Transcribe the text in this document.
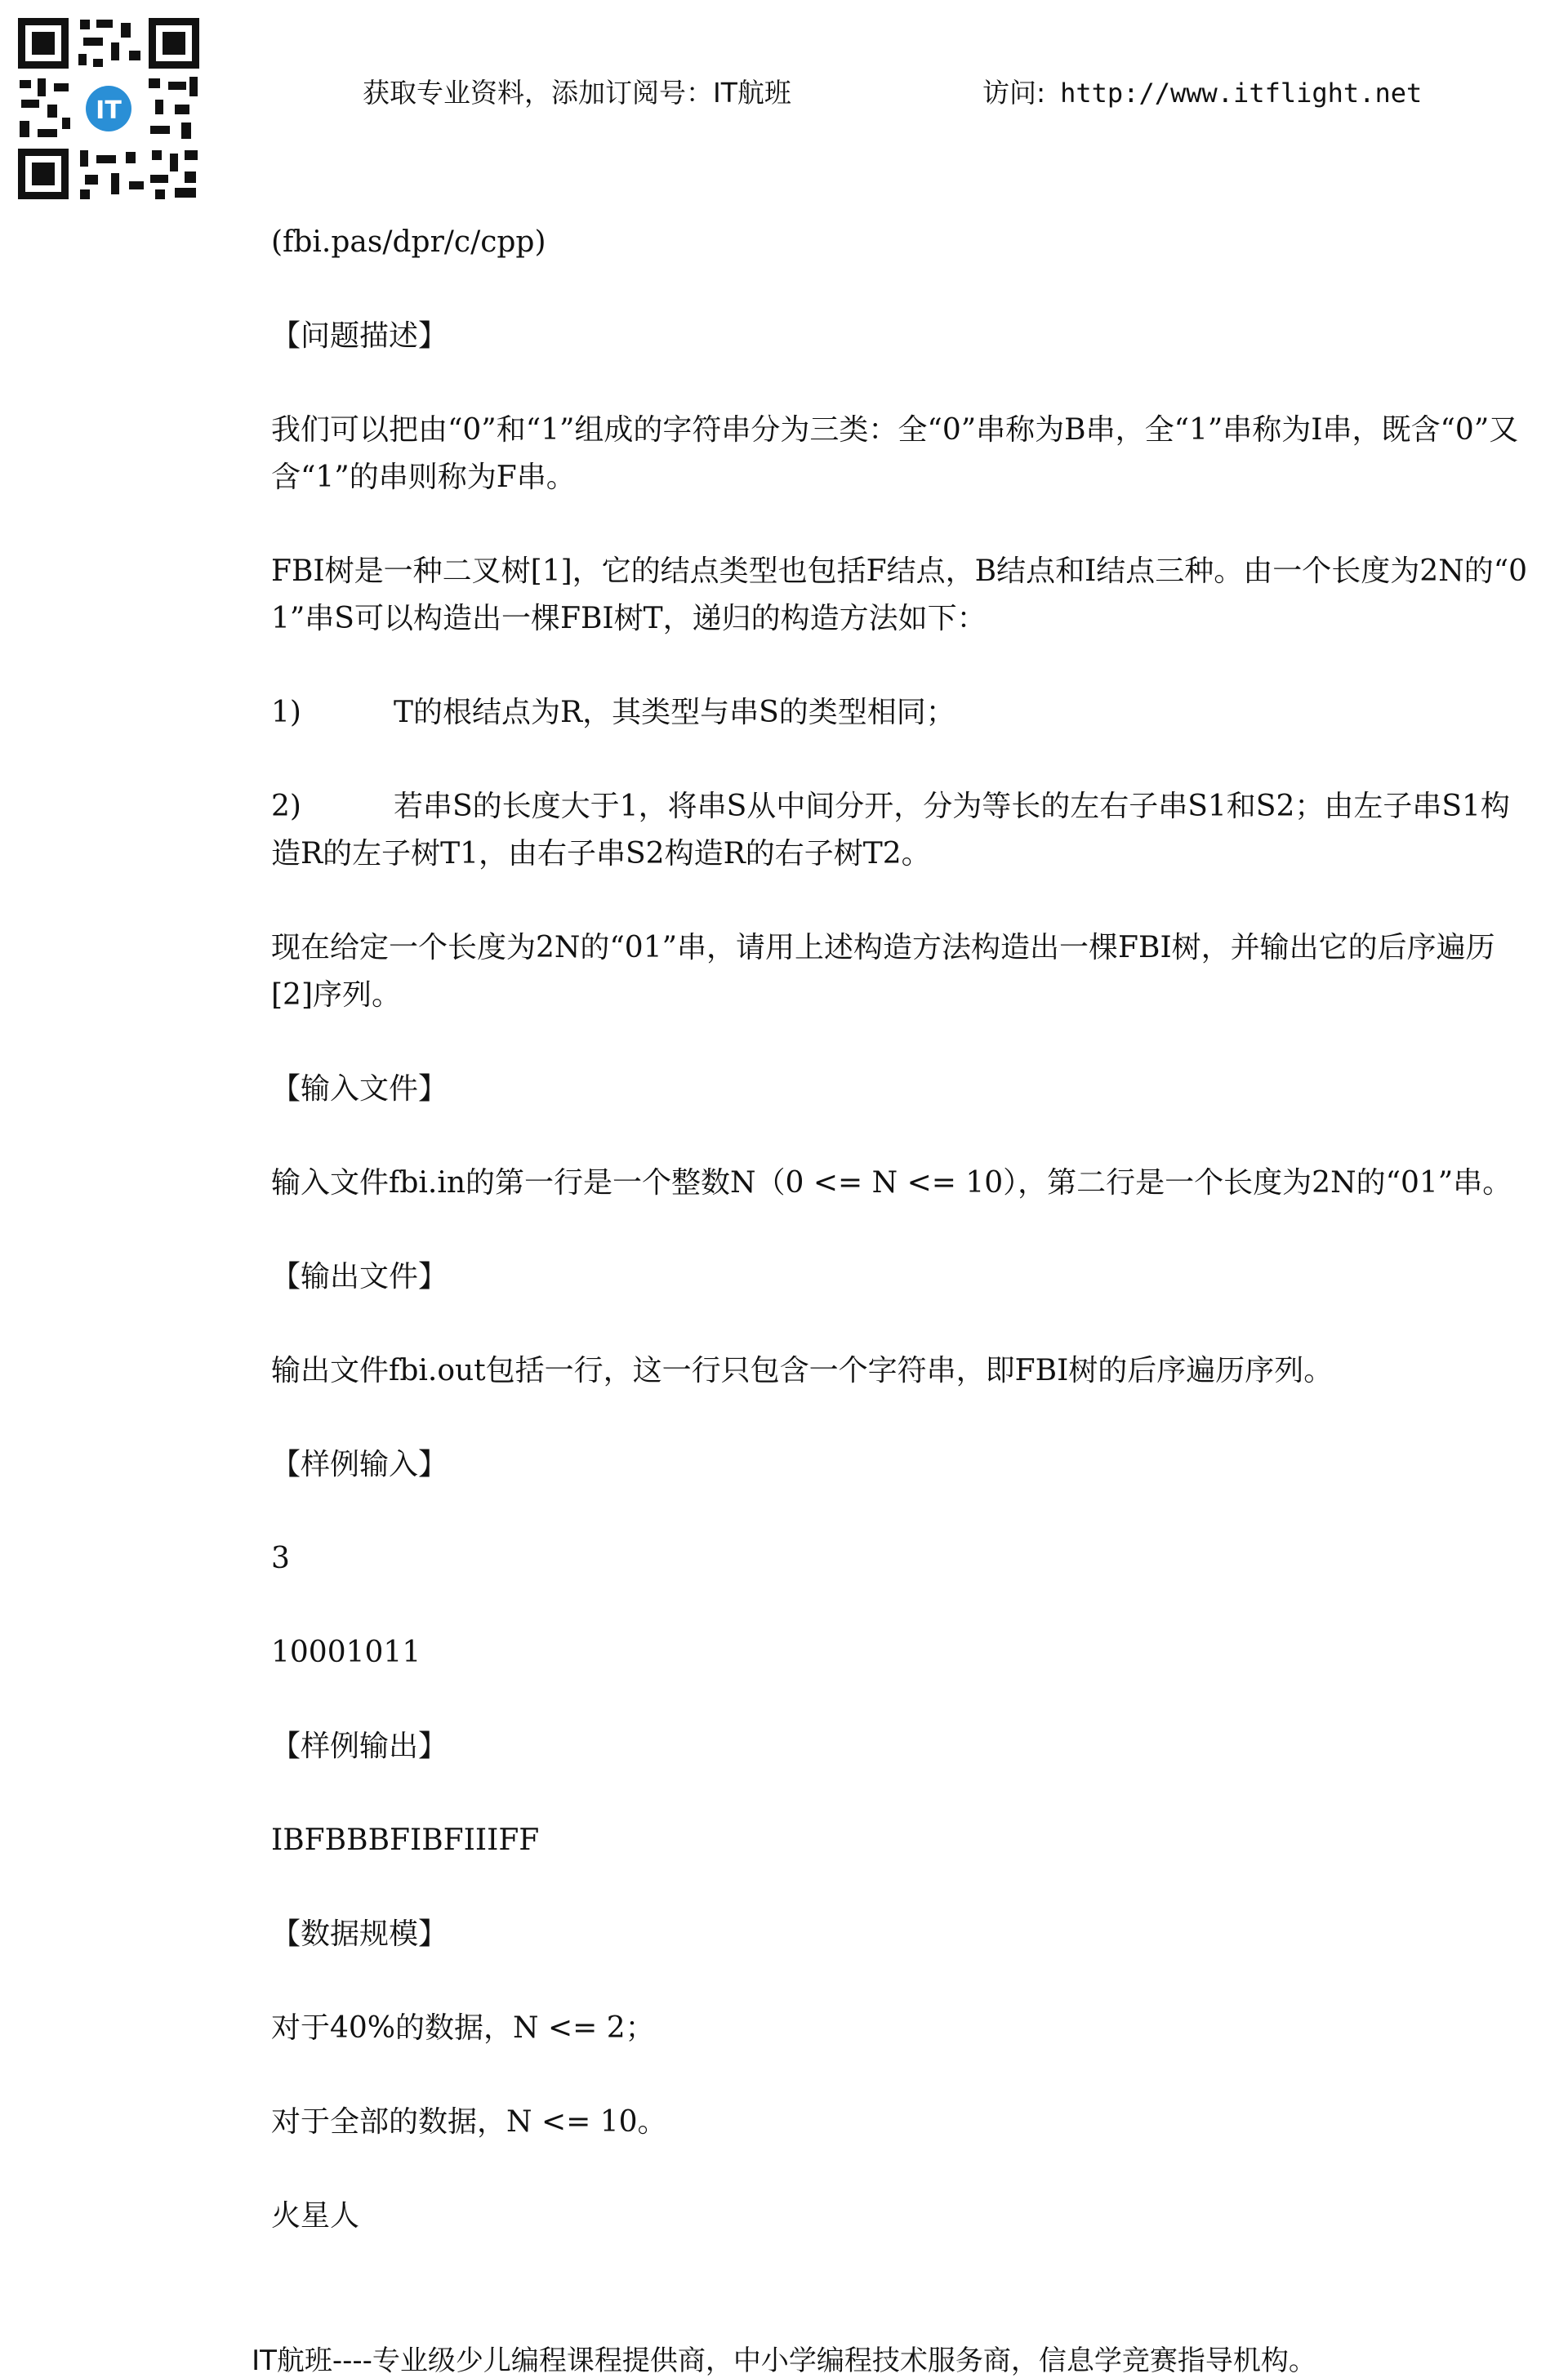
IT
获取专业资料，添加订阅号：IT航班	访问: http://www.itflight.net

(fbi.pas/dpr/c/cpp)

【问题描述】

我们可以把由“0”和“1”组成的字符串分为三类：全“0”串称为B串，全“1”串称为I串，既含“0”又含“1”的串则称为F串。

FBI树是一种二叉树[1]，它的结点类型也包括F结点，B结点和I结点三种。由一个长度为2N的“01”串S可以构造出一棵FBI树T，递归的构造方法如下：

1)	T的根结点为R，其类型与串S的类型相同；

2)	若串S的长度大于1，将串S从中间分开，分为等长的左右子串S1和S2；由左子串S1构造R的左子树T1，由右子串S2构造R的右子树T2。

现在给定一个长度为2N的“01”串，请用上述构造方法构造出一棵FBI树，并输出它的后序遍历[2]序列。

【输入文件】

输入文件fbi.in的第一行是一个整数N（0 <= N <= 10），第二行是一个长度为2N的“01”串。

【输出文件】

输出文件fbi.out包括一行，这一行只包含一个字符串，即FBI树的后序遍历序列。

【样例输入】

3

10001011

【样例输出】

IBFBBBFIBFIIIFF

【数据规模】

对于40%的数据，N <= 2；

对于全部的数据，N <= 10。

火星人

IT航班----专业级少儿编程课程提供商，中小学编程技术服务商，信息学竞赛指导机构。
